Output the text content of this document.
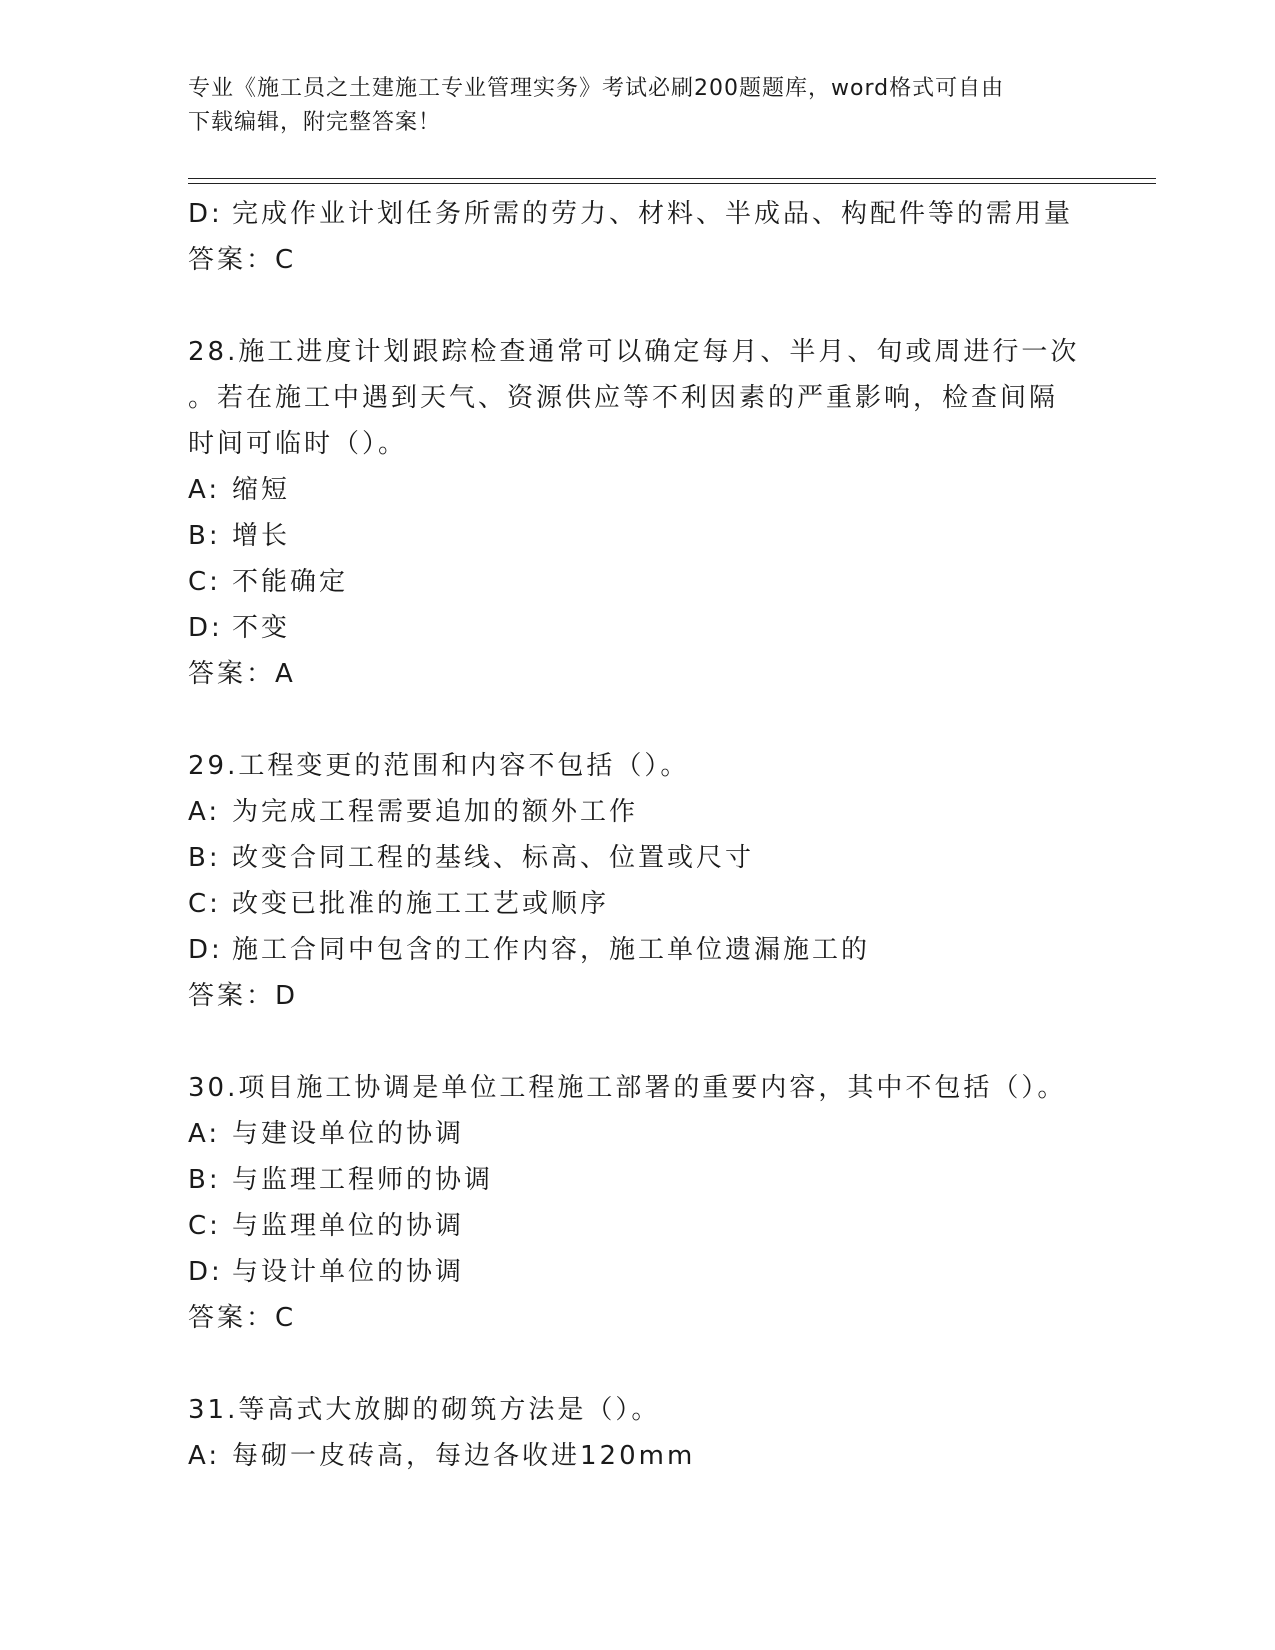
专业《施工员之土建施工专业管理实务》考试必刷200题题库，word格式可自由
下载编辑，附完整答案！
D: 完成作业计划任务所需的劳力、材料、半成品、构配件等的需用量
答案：C
28.施工进度计划跟踪检查通常可以确定每月、半月、旬或周进行一次
。若在施工中遇到天气、资源供应等不利因素的严重影响，检查间隔
时间可临时（）。
A: 缩短
B: 增长
C: 不能确定
D: 不变
答案：A
29.工程变更的范围和内容不包括（）。
A: 为完成工程需要追加的额外工作
B: 改变合同工程的基线、标高、位置或尺寸
C: 改变已批准的施工工艺或顺序
D: 施工合同中包含的工作内容，施工单位遗漏施工的
答案：D
30.项目施工协调是单位工程施工部署的重要内容，其中不包括（）。
A: 与建设单位的协调
B: 与监理工程师的协调
C: 与监理单位的协调
D: 与设计单位的协调
答案：C
31.等高式大放脚的砌筑方法是（）。
A: 每砌一皮砖高，每边各收进120mm
